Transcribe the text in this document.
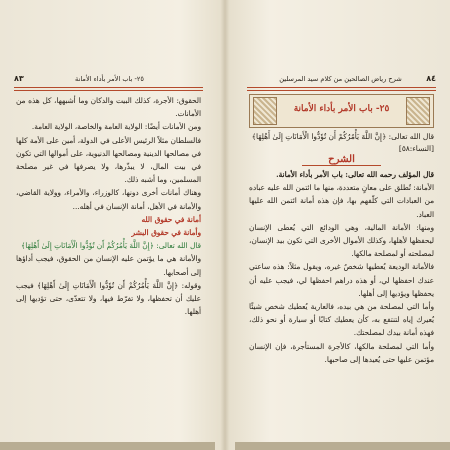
٨٣	٢٥- باب الأمر بأداء الأمانة

الحقوق: الأجرة، كذلك البيت والدكان وما أشبهها، كل هذه من الأمانات.

ومن الأمانات أيضًا: الولاية العامة والخاصة، الولاية العامة.

فالسلطان مثلاً الرئيس الأعلى في الدولة، أمين على الأمة كلها في مصالحها الدينية ومصالحها الدنيوية، على أموالها التي تكون في بيت المال، لا يبذّرها، ولا يصرفها في غير مصلحة المسلمين، وما أشبه ذلك.

وهناك أمانات أخرى دونها، كالوزراء، والأمراء، وولاية القاضي، والأمانة في الأهل، أمانة الإنسان في أهله...

أمانة في حقوق الله

وأمانة في حقوق البشر

قال الله تعالى: ﴿إِنَّ اللَّهَ يَأْمُرُكُمْ أَن تُؤَدُّوا الْأَمَانَاتِ إِلَىٰ أَهْلِهَا﴾

والأمانة هي ما يؤتمن عليه الإنسان من الحقوق، فيجب أداؤها إلى أصحابها.

ﻭﻗﻮﻟﻪ: ﴿إِنَّ اللَّهَ يَأْمُرُكُمْ أَن تُؤَدُّوا الْأَمَانَاتِ إِلَىٰ أَهْلِهَا﴾ فيجب عليك أن تحفظها، ولا تفرّط فيها، ولا تتعدّى، حتى تؤديها إلى أهلها.

٨٤
شرح رياض الصالحين من كلام سيد المرسلين
٢٥- باب الأمر بأداء الأمانة
قال الله تعالى: ﴿إِنَّ اللَّهَ يَأْمُرُكُمْ أَن تُؤَدُّوا الْأَمَانَاتِ إِلَىٰ أَهْلِهَا﴾ [النساء:٥٨]
الشرح

قال المؤلف رحمه الله تعالى: باب الأمر بأداء الأمانة.

الأمانة: تُطلق على معانٍ متعددة، منها ما ائتمن الله عليه عباده من العبادات التي كلّفهم بها، فإن هذه أمانة ائتمن الله عليها العباد.

ومنها: الأمانة المالية، وهي الودائع التي يُعطى الإنسان ليحفظها لأهلها، وكذلك الأموال الأخرى التي تكون بيد الإنسان، لمصلحته أو لمصلحة مالكها.

فالأمانة الوديعة يُعطيها شخصٌ غيره، ويقول مثلاً: هذه ساعتي عندك احفظها لي، أو هذه دراهم احفظها لي، فيجب عليه أن يحفظها ويؤديها إلى أهلها.

وأما التي لمصلحة من هي بيده، فالعارية يُعطيك شخص شيئًا يُعيرك إياه لتنتفع به، كأن يعطيك كتابًا أو سيارة أو نحو ذلك، فهذه أمانة بيدك لمصلحتك.

وأما التي لمصلحة مالكها، كالأجرة المستأجرة، فإن الإنسان مؤتمن عليها حتى يُعيدها إلى صاحبها.
